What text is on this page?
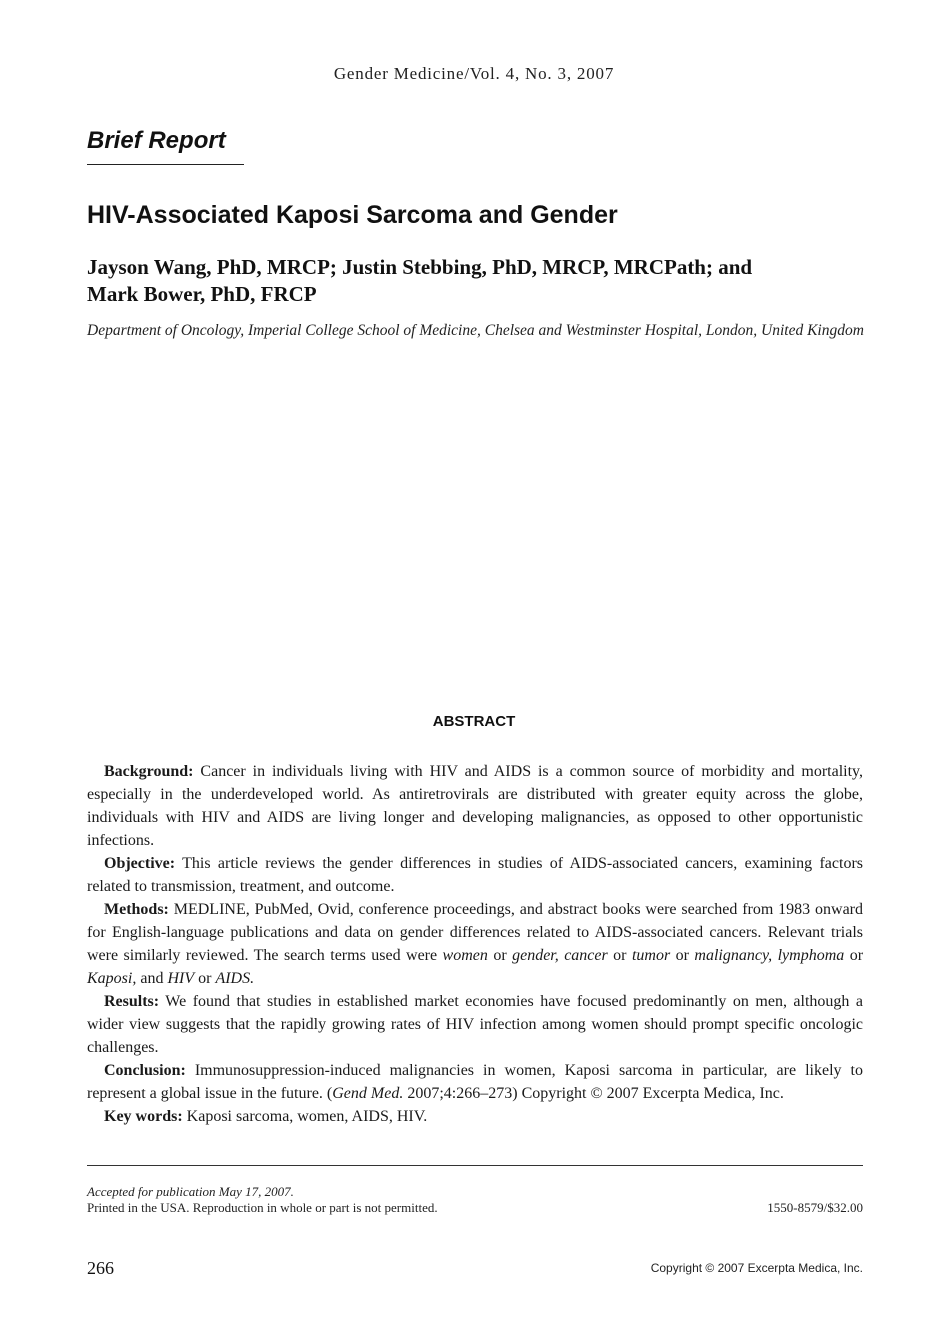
Gender Medicine/Vol. 4, No. 3, 2007
Brief Report
HIV-Associated Kaposi Sarcoma and Gender
Jayson Wang, PhD, MRCP; Justin Stebbing, PhD, MRCP, MRCPath; and
Mark Bower, PhD, FRCP
Department of Oncology, Imperial College School of Medicine, Chelsea and Westminster Hospital, London, United Kingdom
ABSTRACT

Background: Cancer in individuals living with HIV and AIDS is a common source of morbidity and mortality, especially in the underdeveloped world. As antiretrovirals are distributed with greater equity across the globe, individuals with HIV and AIDS are living longer and developing malignancies, as opposed to other opportunistic infections.

Objective: This article reviews the gender differences in studies of AIDS-associated cancers, examining factors related to transmission, treatment, and outcome.

Methods: MEDLINE, PubMed, Ovid, conference proceedings, and abstract books were searched from 1983 onward for English-language publications and data on gender differences related to AIDS-associated cancers. Relevant trials were similarly reviewed. The search terms used were women or gender, cancer or tumor or malignancy, lymphoma or Kaposi, and HIV or AIDS.

Results: We found that studies in established market economies have focused predominantly on men, although a wider view suggests that the rapidly growing rates of HIV infection among women should prompt specific oncologic challenges.

Conclusion: Immunosuppression-induced malignancies in women, Kaposi sarcoma in particular, are likely to represent a global issue in the future. (Gend Med. 2007;4:266–273) Copyright © 2007 Excerpta Medica, Inc.

Key words: Kaposi sarcoma, women, AIDS, HIV.

Accepted for publication May 17, 2007.
Printed in the USA. Reproduction in whole or part is not permitted.	1550-8579/$32.00
266	Copyright © 2007 Excerpta Medica, Inc.
